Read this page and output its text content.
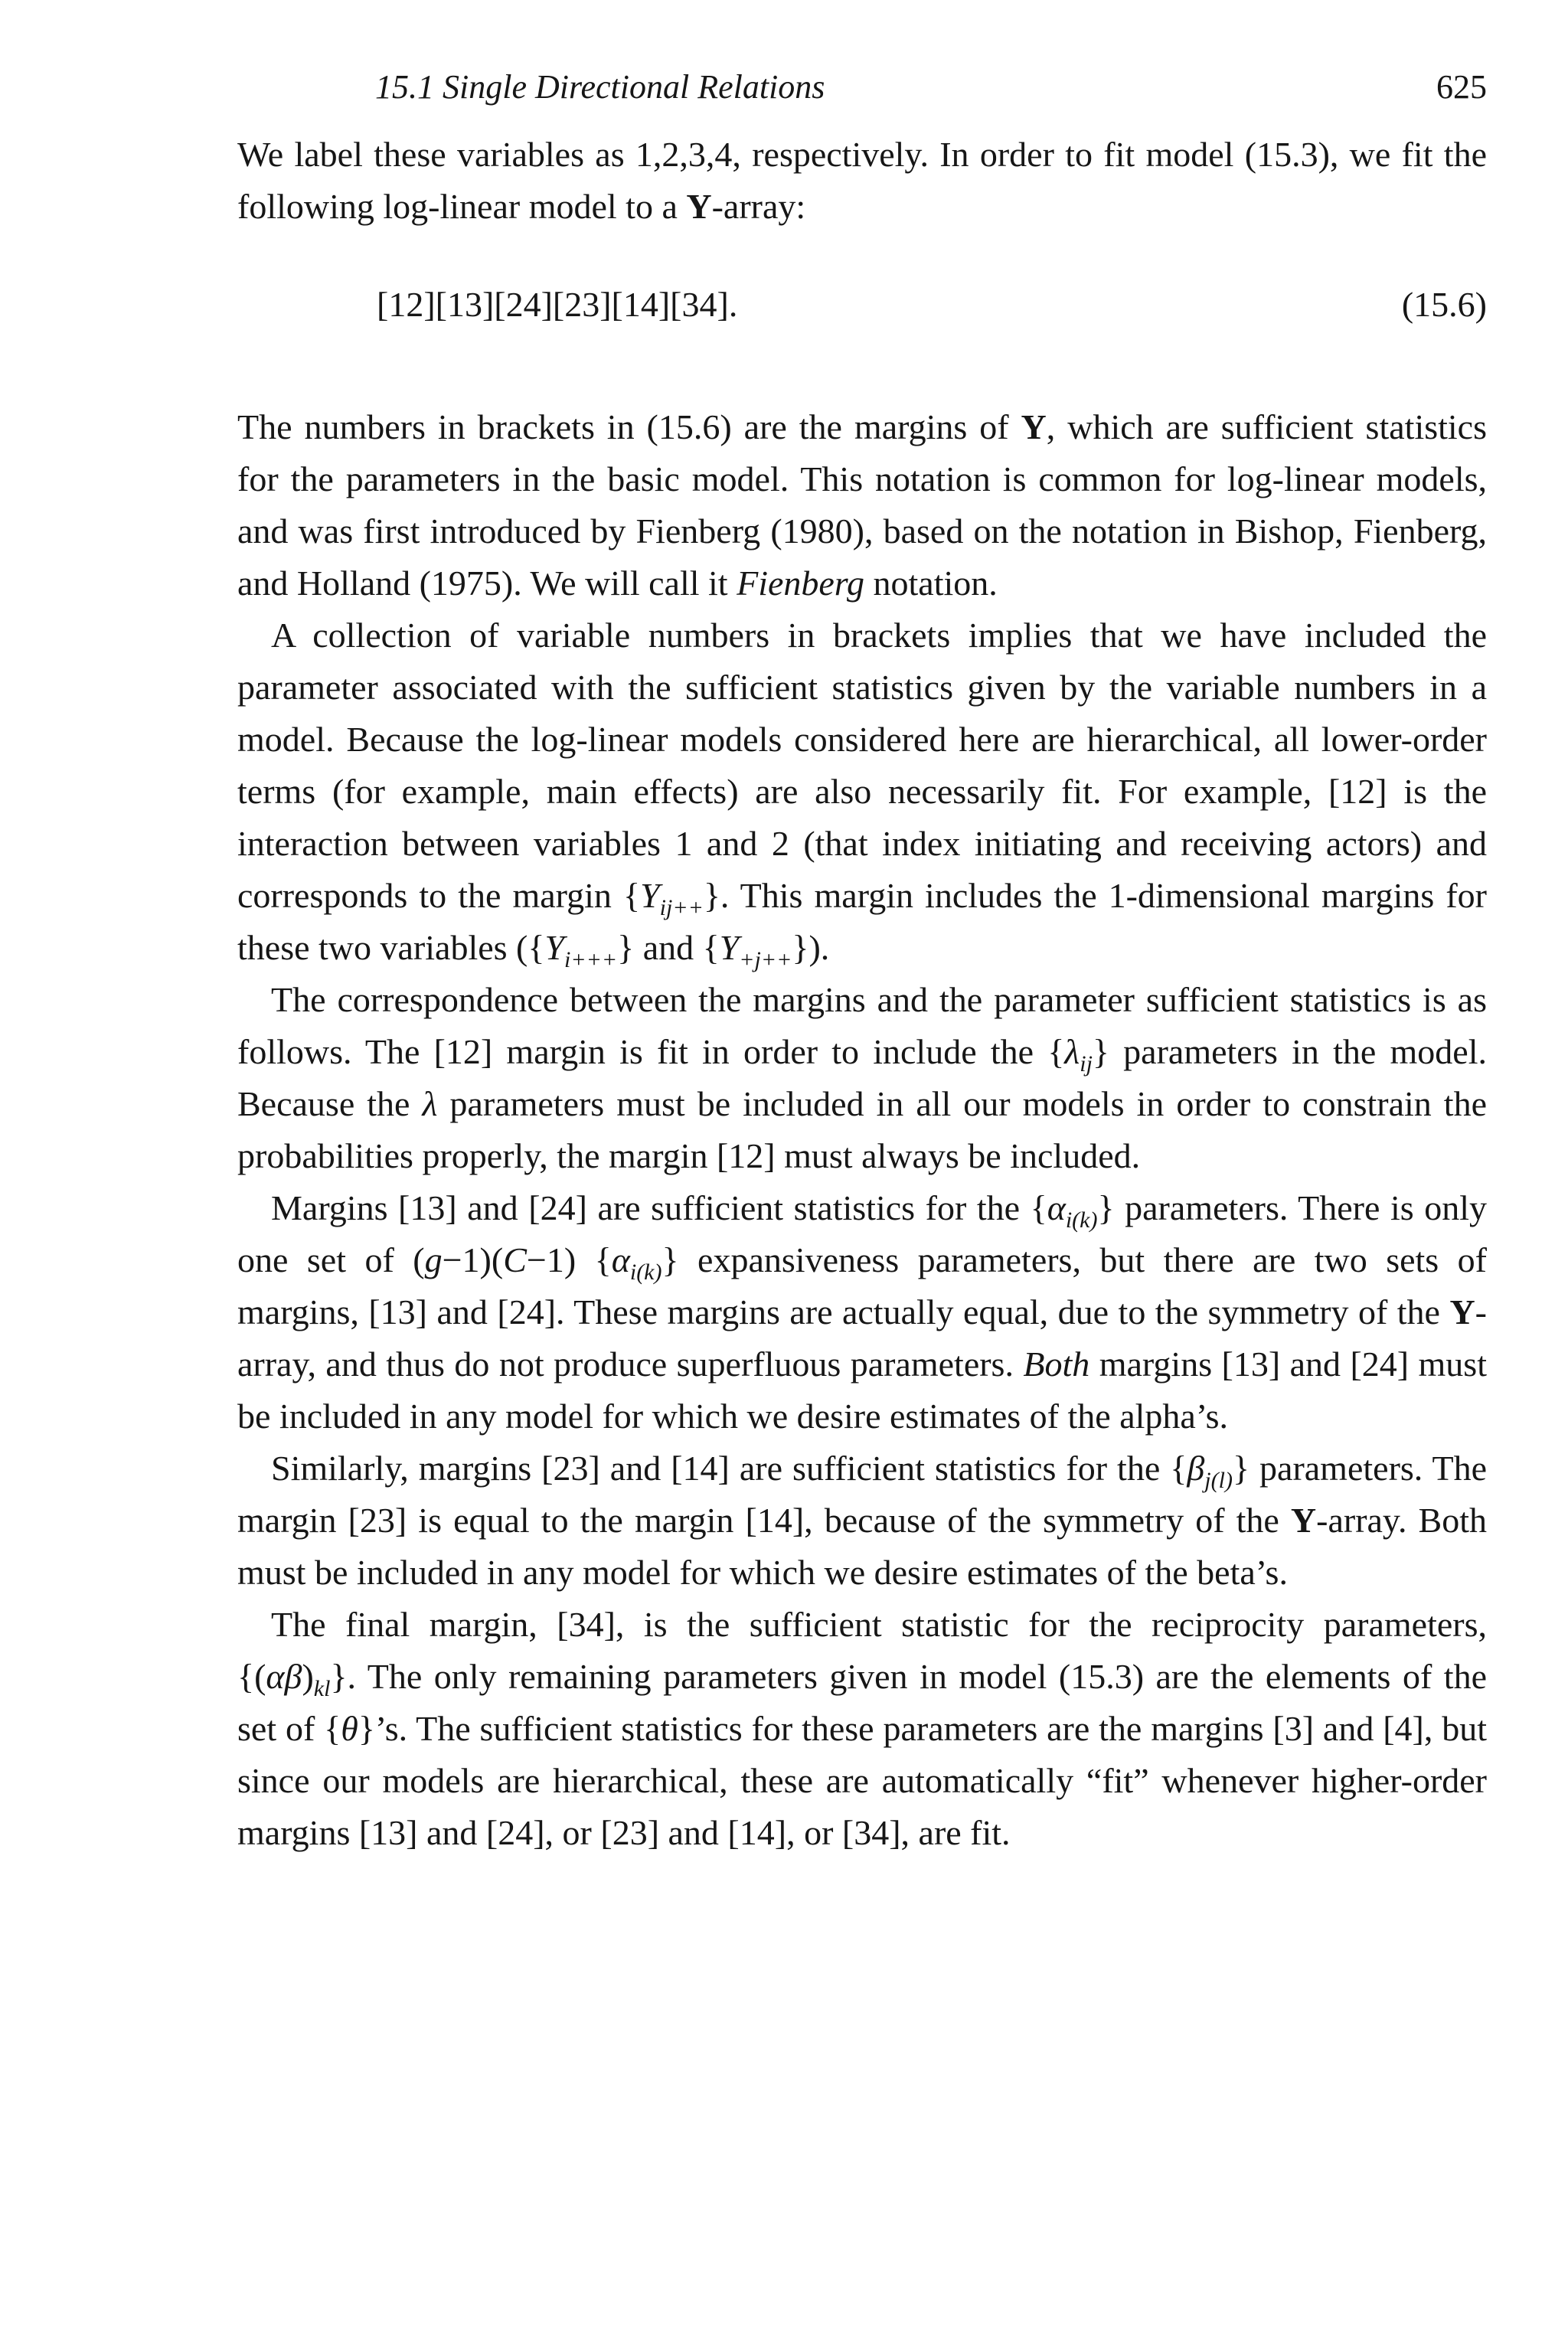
15.1 Single Directional Relations	625

We label these variables as 1,2,3,4, respectively. In order to fit model (15.3), we fit the following log-linear model to a Y-array:

[12][13][24][23][14][34].	(15.6)

The numbers in brackets in (15.6) are the margins of Y, which are sufficient statistics for the parameters in the basic model. This notation is common for log-linear models, and was first introduced by Fienberg (1980), based on the notation in Bishop, Fienberg, and Holland (1975). We will call it Fienberg notation.

A collection of variable numbers in brackets implies that we have included the parameter associated with the sufficient statistics given by the variable numbers in a model. Because the log-linear models considered here are hierarchical, all lower-order terms (for example, main effects) are also necessarily fit. For example, [12] is the interaction between variables 1 and 2 (that index initiating and receiving actors) and corresponds to the margin $\{Y_{ij++}\}$. This margin includes the 1-dimensional margins for these two variables ($\{Y_{i+++}\}$ and $\{Y_{+j++}\}$).

The correspondence between the margins and the parameter sufficient statistics is as follows. The [12] margin is fit in order to include the $\{\lambda_{ij}\}$ parameters in the model. Because the λ parameters must be included in all our models in order to constrain the probabilities properly, the margin [12] must always be included.

Margins [13] and [24] are sufficient statistics for the $\{\alpha_{i(k)}\}$ parameters. There is only one set of (g−1)(C−1) $\{\alpha_{i(k)}\}$ expansiveness parameters, but there are two sets of margins, [13] and [24]. These margins are actually equal, due to the symmetry of the Y-array, and thus do not produce superfluous parameters. Both margins [13] and [24] must be included in any model for which we desire estimates of the alpha’s.

Similarly, margins [23] and [14] are sufficient statistics for the $\{\beta_{j(l)}\}$ parameters. The margin [23] is equal to the margin [14], because of the symmetry of the Y-array. Both must be included in any model for which we desire estimates of the beta’s.

The final margin, [34], is the sufficient statistic for the reciprocity parameters, $\{(\alpha\beta)_{kl}\}$. The only remaining parameters given in model (15.3) are the elements of the set of {θ}’s. The sufficient statistics for these parameters are the margins [3] and [4], but since our models are hierarchical, these are automatically “fit” whenever higher-order margins [13] and [24], or [23] and [14], or [34], are fit.
